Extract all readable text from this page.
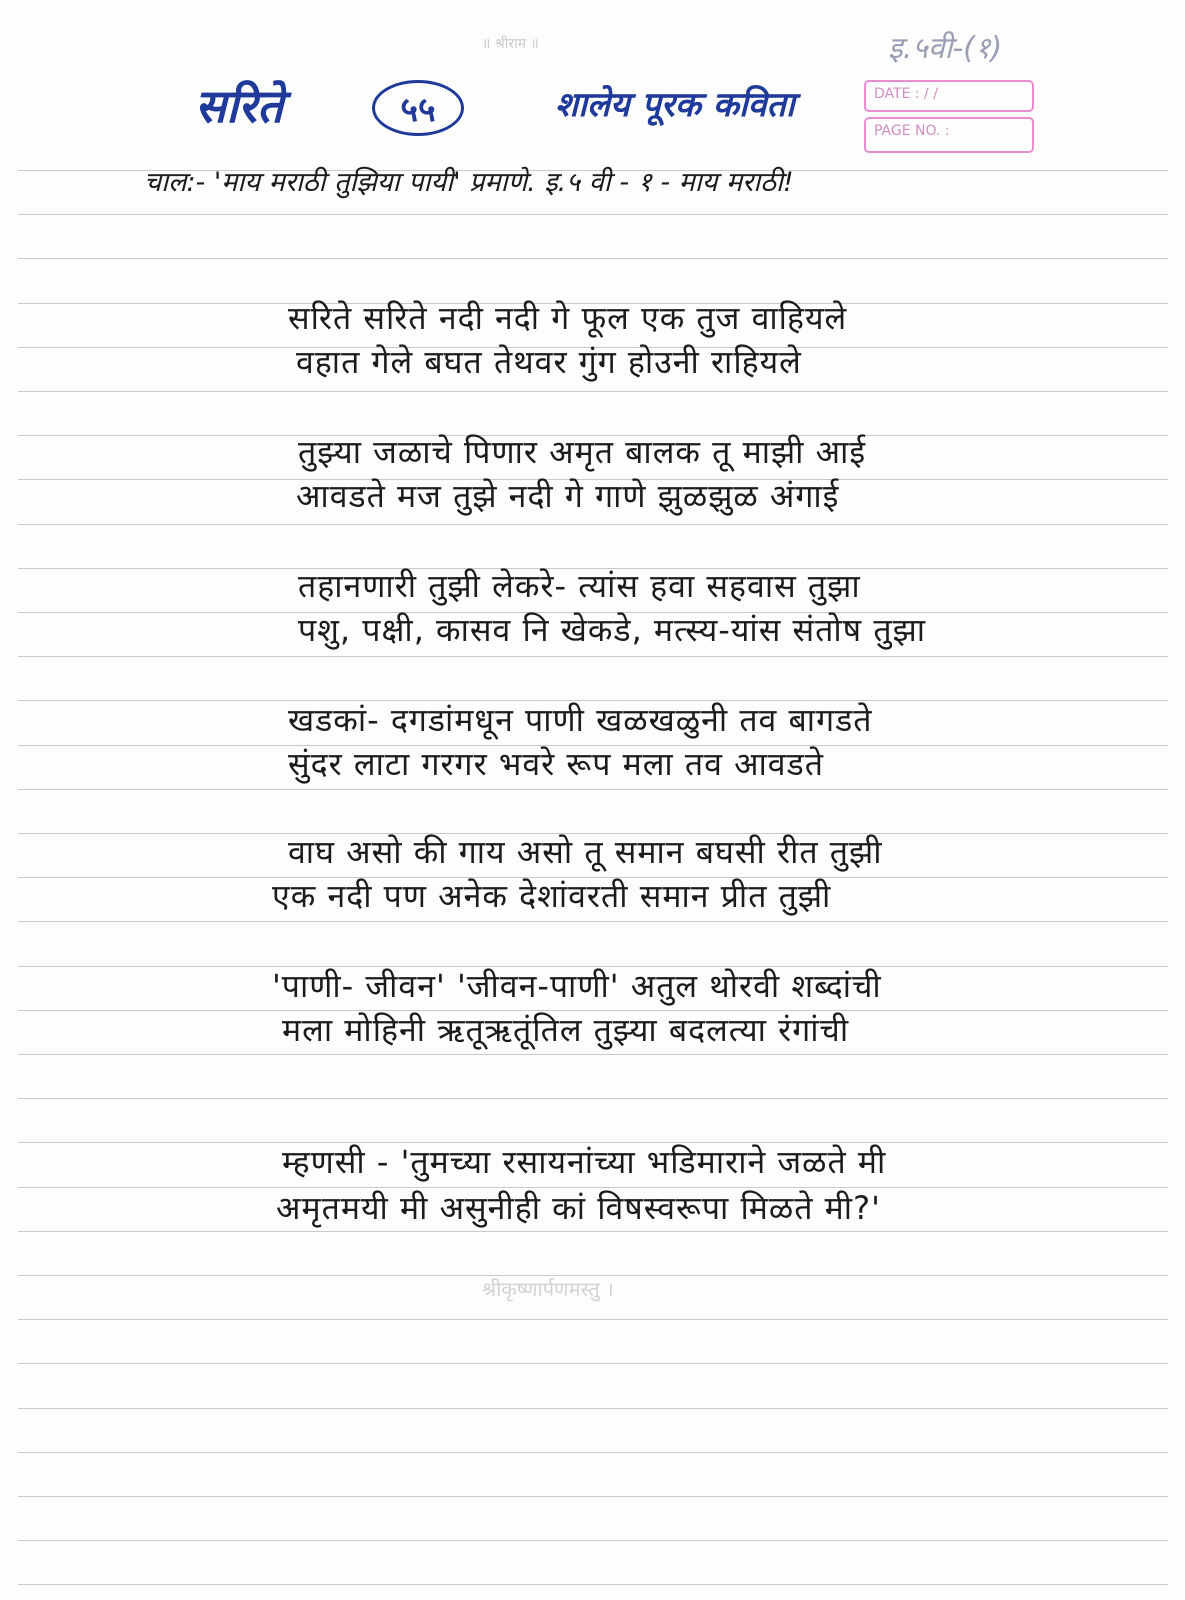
॥ श्रीराम ॥	इ.५वी-(१)
सरिते	५५	शालेय पूरक कविता	DATE : / /
PAGE NO. :
चाल:- 'माय मराठी तुझिया पायी' प्रमाणे. इ.५ वी - १ - माय मराठी!
सरिते सरिते नदी नदी गे फूल एक तुज वाहियले
वहात गेले बघत तेथवर गुंग होउनी राहियले
तुझ्या जळाचे पिणार अमृत बालक तू माझी आई
आवडते मज तुझे नदी गे गाणे झुळझुळ अंगाई
तहानणारी तुझी लेकरे- त्यांस हवा सहवास तुझा
पशु, पक्षी, कासव नि खेकडे, मत्स्य-यांस संतोष तुझा
खडकां- दगडांमधून पाणी खळखळुनी तव बागडते
सुंदर लाटा गरगर भवरे रूप मला तव आवडते
वाघ असो की गाय असो तू समान बघसी रीत तुझी
एक नदी पण अनेक देशांवरती समान प्रीत तुझी
'पाणी- जीवन' 'जीवन-पाणी' अतुल थोरवी शब्दांची
मला मोहिनी ऋतूऋतूंतिल तुझ्या बदलत्या रंगांची
म्हणसी - 'तुमच्या रसायनांच्या भडिमाराने जळते मी
अमृतमयी मी असुनीही कां विषस्वरूपा मिळते मी?'
श्रीकृष्णार्पणमस्तु ।
